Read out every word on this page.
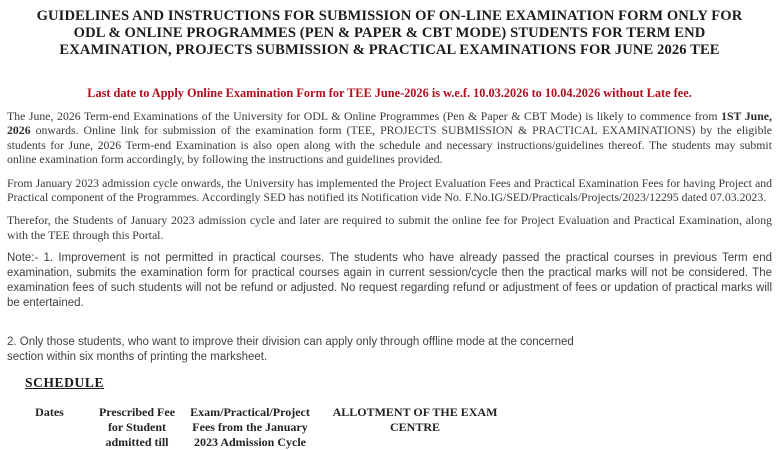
GUIDELINES AND INSTRUCTIONS FOR SUBMISSION OF ON-LINE EXAMINATION FORM ONLY FOR ODL & ONLINE PROGRAMMES (PEN & PAPER & CBT MODE) STUDENTS FOR TERM END EXAMINATION, PROJECTS SUBMISSION & PRACTICAL EXAMINATIONS FOR JUNE 2026 TEE
Last date to Apply Online Examination Form for TEE June-2026 is w.e.f. 10.03.2026 to 10.04.2026 without Late fee.

The June, 2026 Term-end Examinations of the University for ODL & Online Programmes (Pen & Paper & CBT Mode) is likely to commence from 1ST June, 2026 onwards. Online link for submission of the examination form (TEE, PROJECTS SUBMISSION & PRACTICAL EXAMINATIONS) by the eligible students for June, 2026 Term-end Examination is also open along with the schedule and necessary instructions/guidelines thereof. The students may submit online examination form accordingly, by following the instructions and guidelines provided.

From January 2023 admission cycle onwards, the University has implemented the Project Evaluation Fees and Practical Examination Fees for having Project and Practical component of the Programmes. Accordingly SED has notified its Notification vide No. F.No.IG/SED/Practicals/Projects/2023/12295 dated 07.03.2023.

Therefor, the Students of January 2023 admission cycle and later are required to submit the online fee for Project Evaluation and Practical Examination, along with the TEE through this Portal.

Note:- 1. Improvement is not permitted in practical courses. The students who have already passed the practical courses in previous Term end examination, submits the examination form for practical courses again in current session/cycle then the practical marks will not be considered. The examination fees of such students will not be refund or adjusted. No request regarding refund or adjustment of fees or updation of practical marks will be entertained.

2. Only those students, who want to improve their division can apply only through offline mode at the concerned
section within six months of printing the marksheet.
SCHEDULE
Dates	Prescribed Fee
for Student
admitted till
Exam/Practical/Project
Fees from the January
2023 Admission Cycle
ALLOTMENT OF THE EXAM
CENTRE
